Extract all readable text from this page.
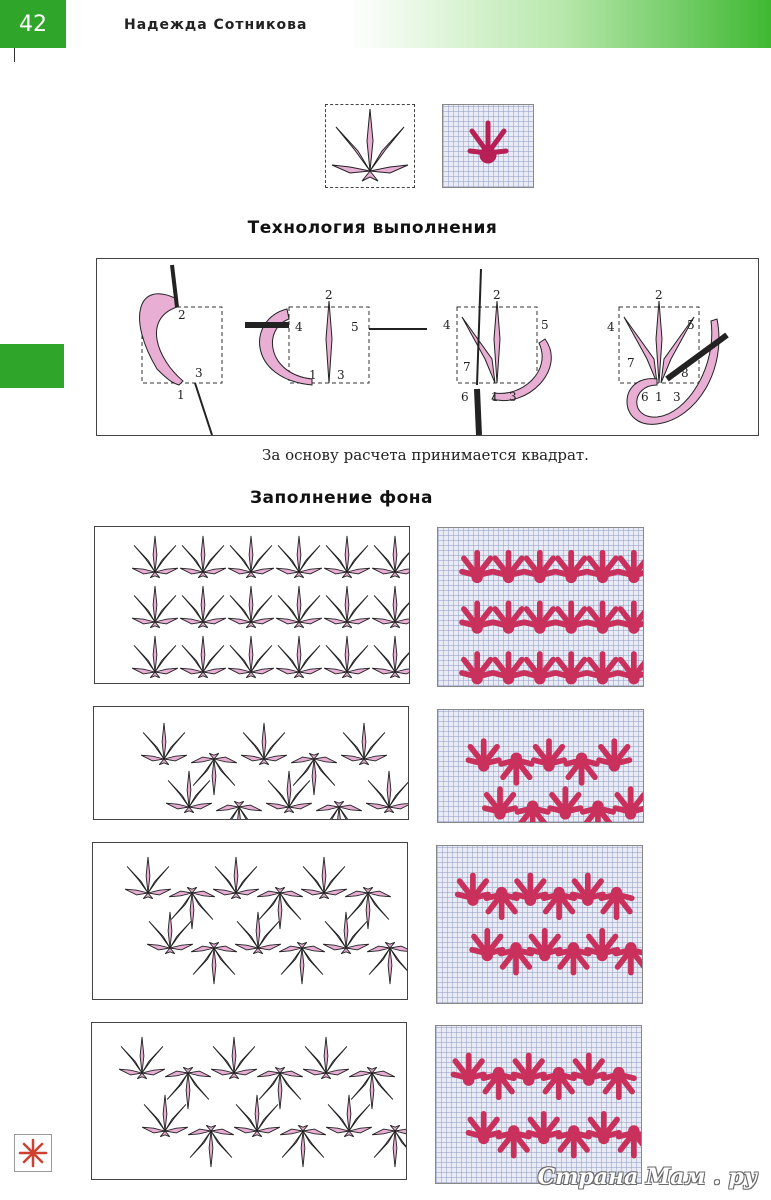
42	Надежда Сотникова
Технология выполнения
2
1
3
2
4	5
1 3
2
4	5
7
6 1 3
2
4	5
7
8
6 1 3
За основу расчета принимается квадрат.
Заполнение фона
Страна Мам . ру
